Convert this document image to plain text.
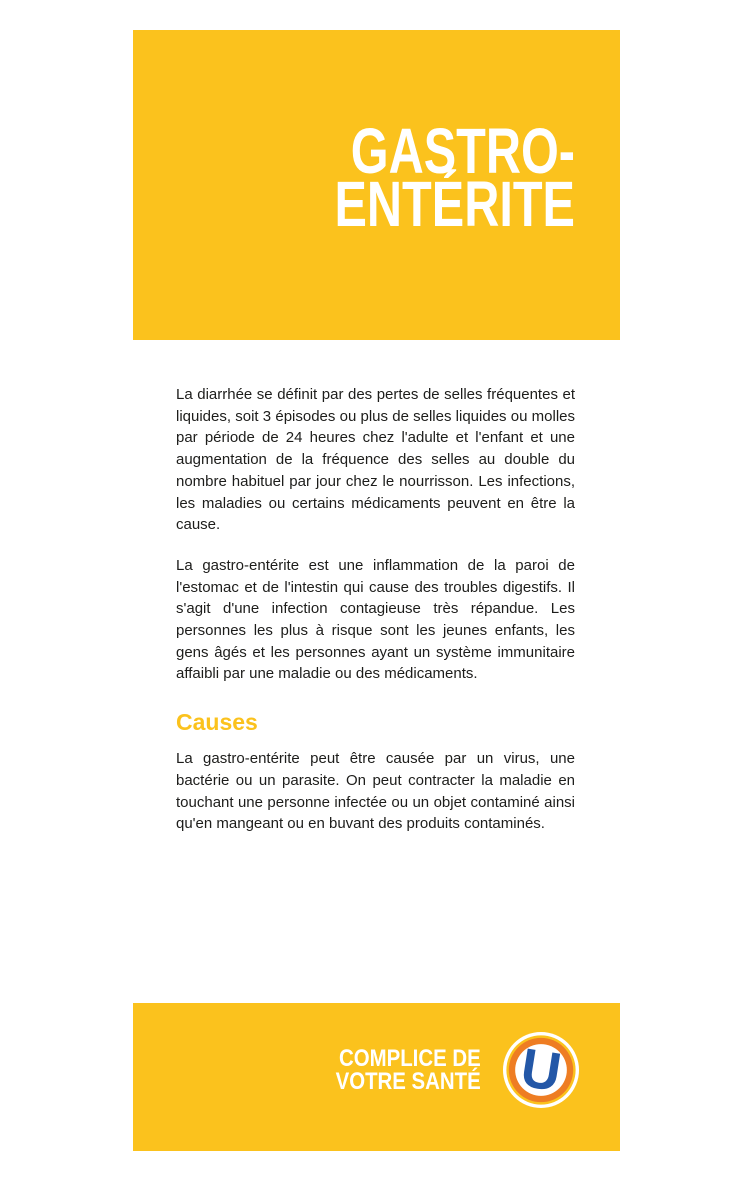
GASTRO-
ENTÉRITE

La diarrhée se définit par des pertes de selles fréquentes et liquides, soit 3 épisodes ou plus de selles liquides ou molles par période de 24 heures chez l'adulte et l'enfant et une augmentation de la fréquence des selles au double du nombre habituel par jour chez le nourrisson. Les infections, les maladies ou certains médicaments peuvent en être la cause.

La gastro-entérite est une inflammation de la paroi de l'estomac et de l'intestin qui cause des troubles digestifs. Il s'agit d'une infection contagieuse très répandue. Les personnes les plus à risque sont les jeunes enfants, les gens âgés et les personnes ayant un système immunitaire affaibli par une maladie ou des médicaments.

Causes

La gastro-entérite peut être causée par un virus, une bactérie ou un parasite. On peut contracter la maladie en touchant une personne infectée ou un objet contaminé ainsi qu'en mangeant ou en buvant des produits contaminés.

COMPLICE DE
VOTRE SANTÉ U
